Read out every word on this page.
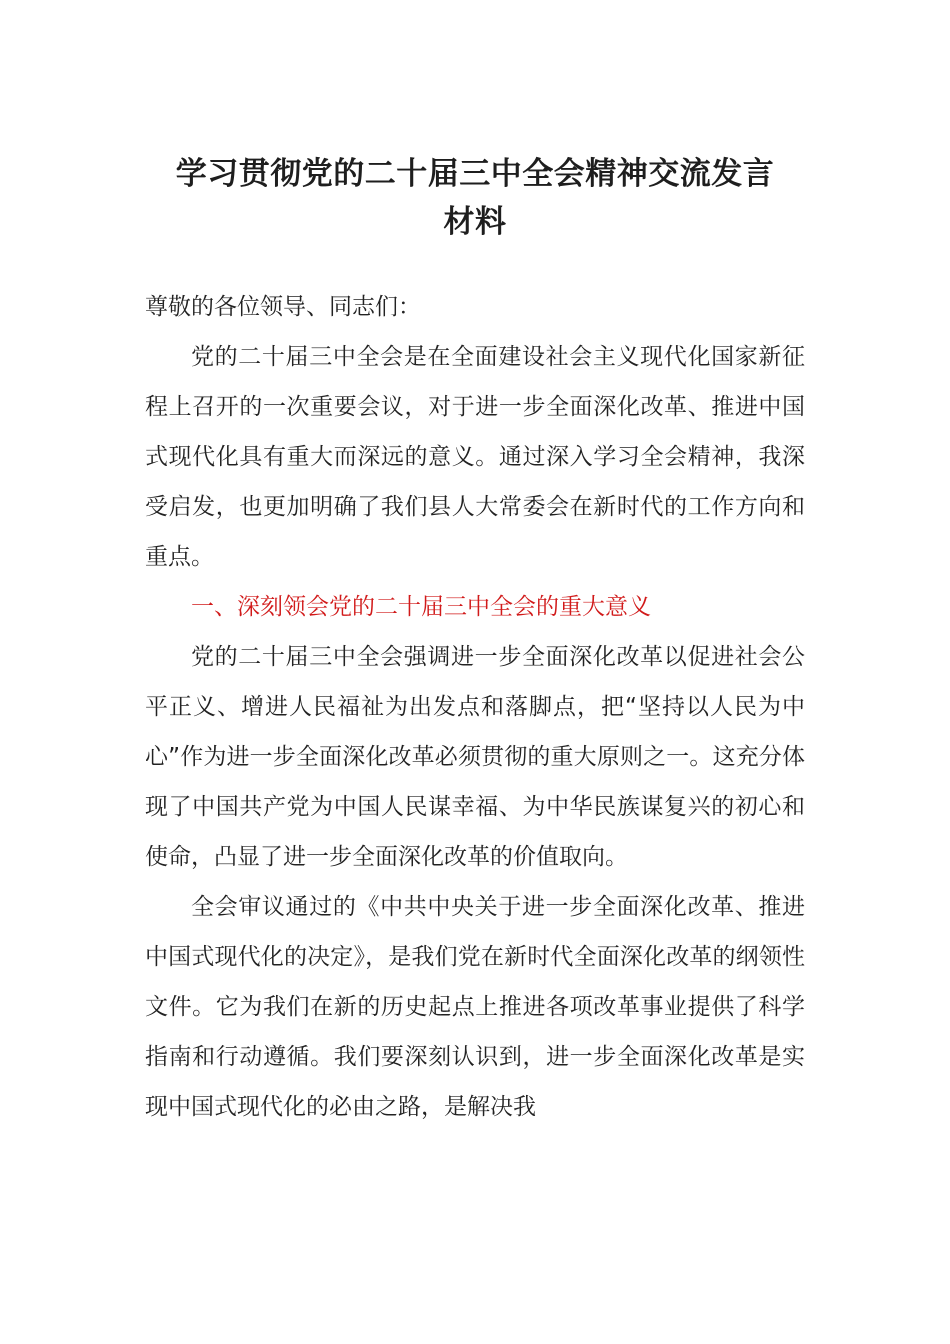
学习贯彻党的二十届三中全会精神交流发言
材料

尊敬的各位领导、同志们：

党的二十届三中全会是在全面建设社会主义现代化国家新征程上召开的一次重要会议，对于进一步全面深化改革、推进中国式现代化具有重大而深远的意义。通过深入学习全会精神，我深受启发，也更加明确了我们县人大常委会在新时代的工作方向和重点。

一、深刻领会党的二十届三中全会的重大意义

党的二十届三中全会强调进一步全面深化改革以促进社会公平正义、增进人民福祉为出发点和落脚点，把“坚持以人民为中心”作为进一步全面深化改革必须贯彻的重大原则之一。这充分体现了中国共产党为中国人民谋幸福、为中华民族谋复兴的初心和使命，凸显了进一步全面深化改革的价值取向。

全会审议通过的《中共中央关于进一步全面深化改革、推进中国式现代化的决定》，是我们党在新时代全面深化改革的纲领性文件。它为我们在新的历史起点上推进各项改革事业提供了科学指南和行动遵循。我们要深刻认识到，进一步全面深化改革是实现中国式现代化的必由之路，是解决我
